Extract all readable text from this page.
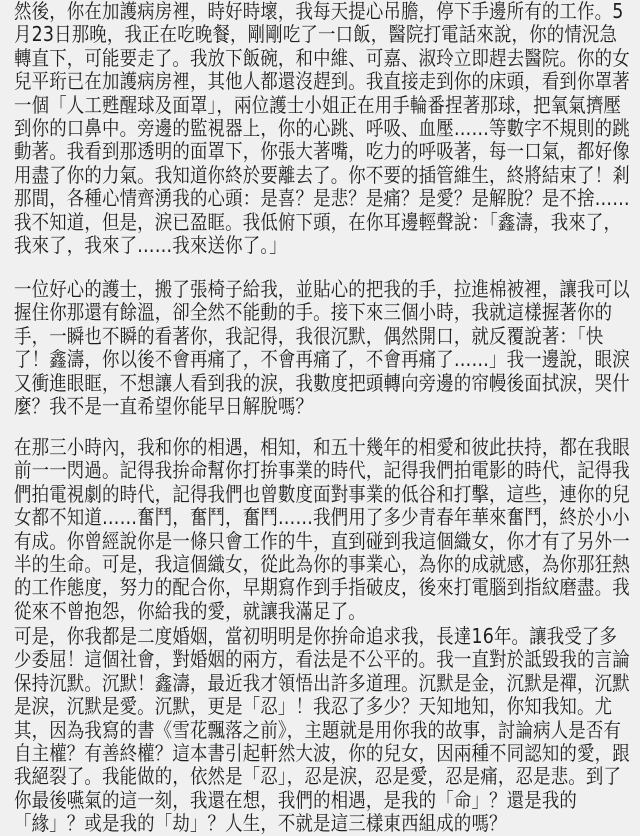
然後，你在加護病房裡，時好時壞，我每天提心吊膽，停下手邊所有的工作。5
月23日那晚，我正在吃晚餐，剛剛吃了一口飯，醫院打電話來說，你的情況急
轉直下，可能要走了。我放下飯碗，和中維、可嘉、淑玲立即趕去醫院。你的女
兒平珩已在加護病房裡，其他人都還沒趕到。我直接走到你的床頭，看到你罩著
一個「人工甦醒球及面罩」，兩位護士小姐正在用手輪番捏著那球，把氧氣擠壓
到你的口鼻中。旁邊的監視器上，你的心跳、呼吸、血壓……等數字不規則的跳
動著。我看到那透明的面罩下，你張大著嘴，吃力的呼吸著，每一口氣，都好像
用盡了你的力氣。我知道你終於要離去了。你不要的插管維生，終將結束了！剎
那間，各種心情齊湧我的心頭：是喜？是悲？是痛？是愛？是解脫？是不捨……
我不知道，但是，淚已盈眶。我低俯下頭，在你耳邊輕聲說：「鑫濤，我來了，
我來了，我來了……我來送你了。」
一位好心的護士，搬了張椅子給我，並貼心的把我的手，拉進棉被裡，讓我可以
握住你那還有餘溫，卻全然不能動的手。接下來三個小時，我就這樣握著你的
手，一瞬也不瞬的看著你，我記得，我很沉默，偶然開口，就反覆說著：「快
了！鑫濤，你以後不會再痛了，不會再痛了，不會再痛了……」我一邊說，眼淚
又衝進眼眶，不想讓人看到我的淚，我數度把頭轉向旁邊的帘幔後面拭淚，哭什
麼？我不是一直希望你能早日解脫嗎？
在那三小時內，我和你的相遇，相知，和五十幾年的相愛和彼此扶持，都在我眼
前一一閃過。記得我拚命幫你打拚事業的時代，記得我們拍電影的時代，記得我
們拍電視劇的時代，記得我們也曾數度面對事業的低谷和打擊，這些，連你的兒
女都不知道……奮鬥，奮鬥，奮鬥……我們用了多少青春年華來奮鬥，終於小小
有成。你曾經說你是一條只會工作的牛，直到碰到我這個織女，你才有了另外一
半的生命。可是，我這個織女，從此為你的事業心，為你的成就感，為你那狂熱
的工作態度，努力的配合你，早期寫作到手指破皮，後來打電腦到指紋磨盡。我
從來不曾抱怨，你給我的愛，就讓我滿足了。
可是，你我都是二度婚姻，當初明明是你拚命追求我，長達16年。讓我受了多
少委屈！這個社會，對婚姻的兩方，看法是不公平的。我一直對於詆毀我的言論
保持沉默。沉默！鑫濤，最近我才領悟出許多道理。沉默是金，沉默是禪，沉默
是淚，沉默是愛。沉默，更是「忍」！我忍了多少？天知地知，你知我知。尤
其，因為我寫的書《雪花飄落之前》，主題就是用你我的故事，討論病人是否有
自主權？有善終權？這本書引起軒然大波，你的兒女，因兩種不同認知的愛，跟
我絕裂了。我能做的，依然是「忍」，忍是淚，忍是愛，忍是痛，忍是悲。到了
你最後嚥氣的這一刻，我還在想，我們的相遇，是我的「命」？還是我的
「緣」？或是我的「劫」？人生，不就是這三樣東西組成的嗎？
